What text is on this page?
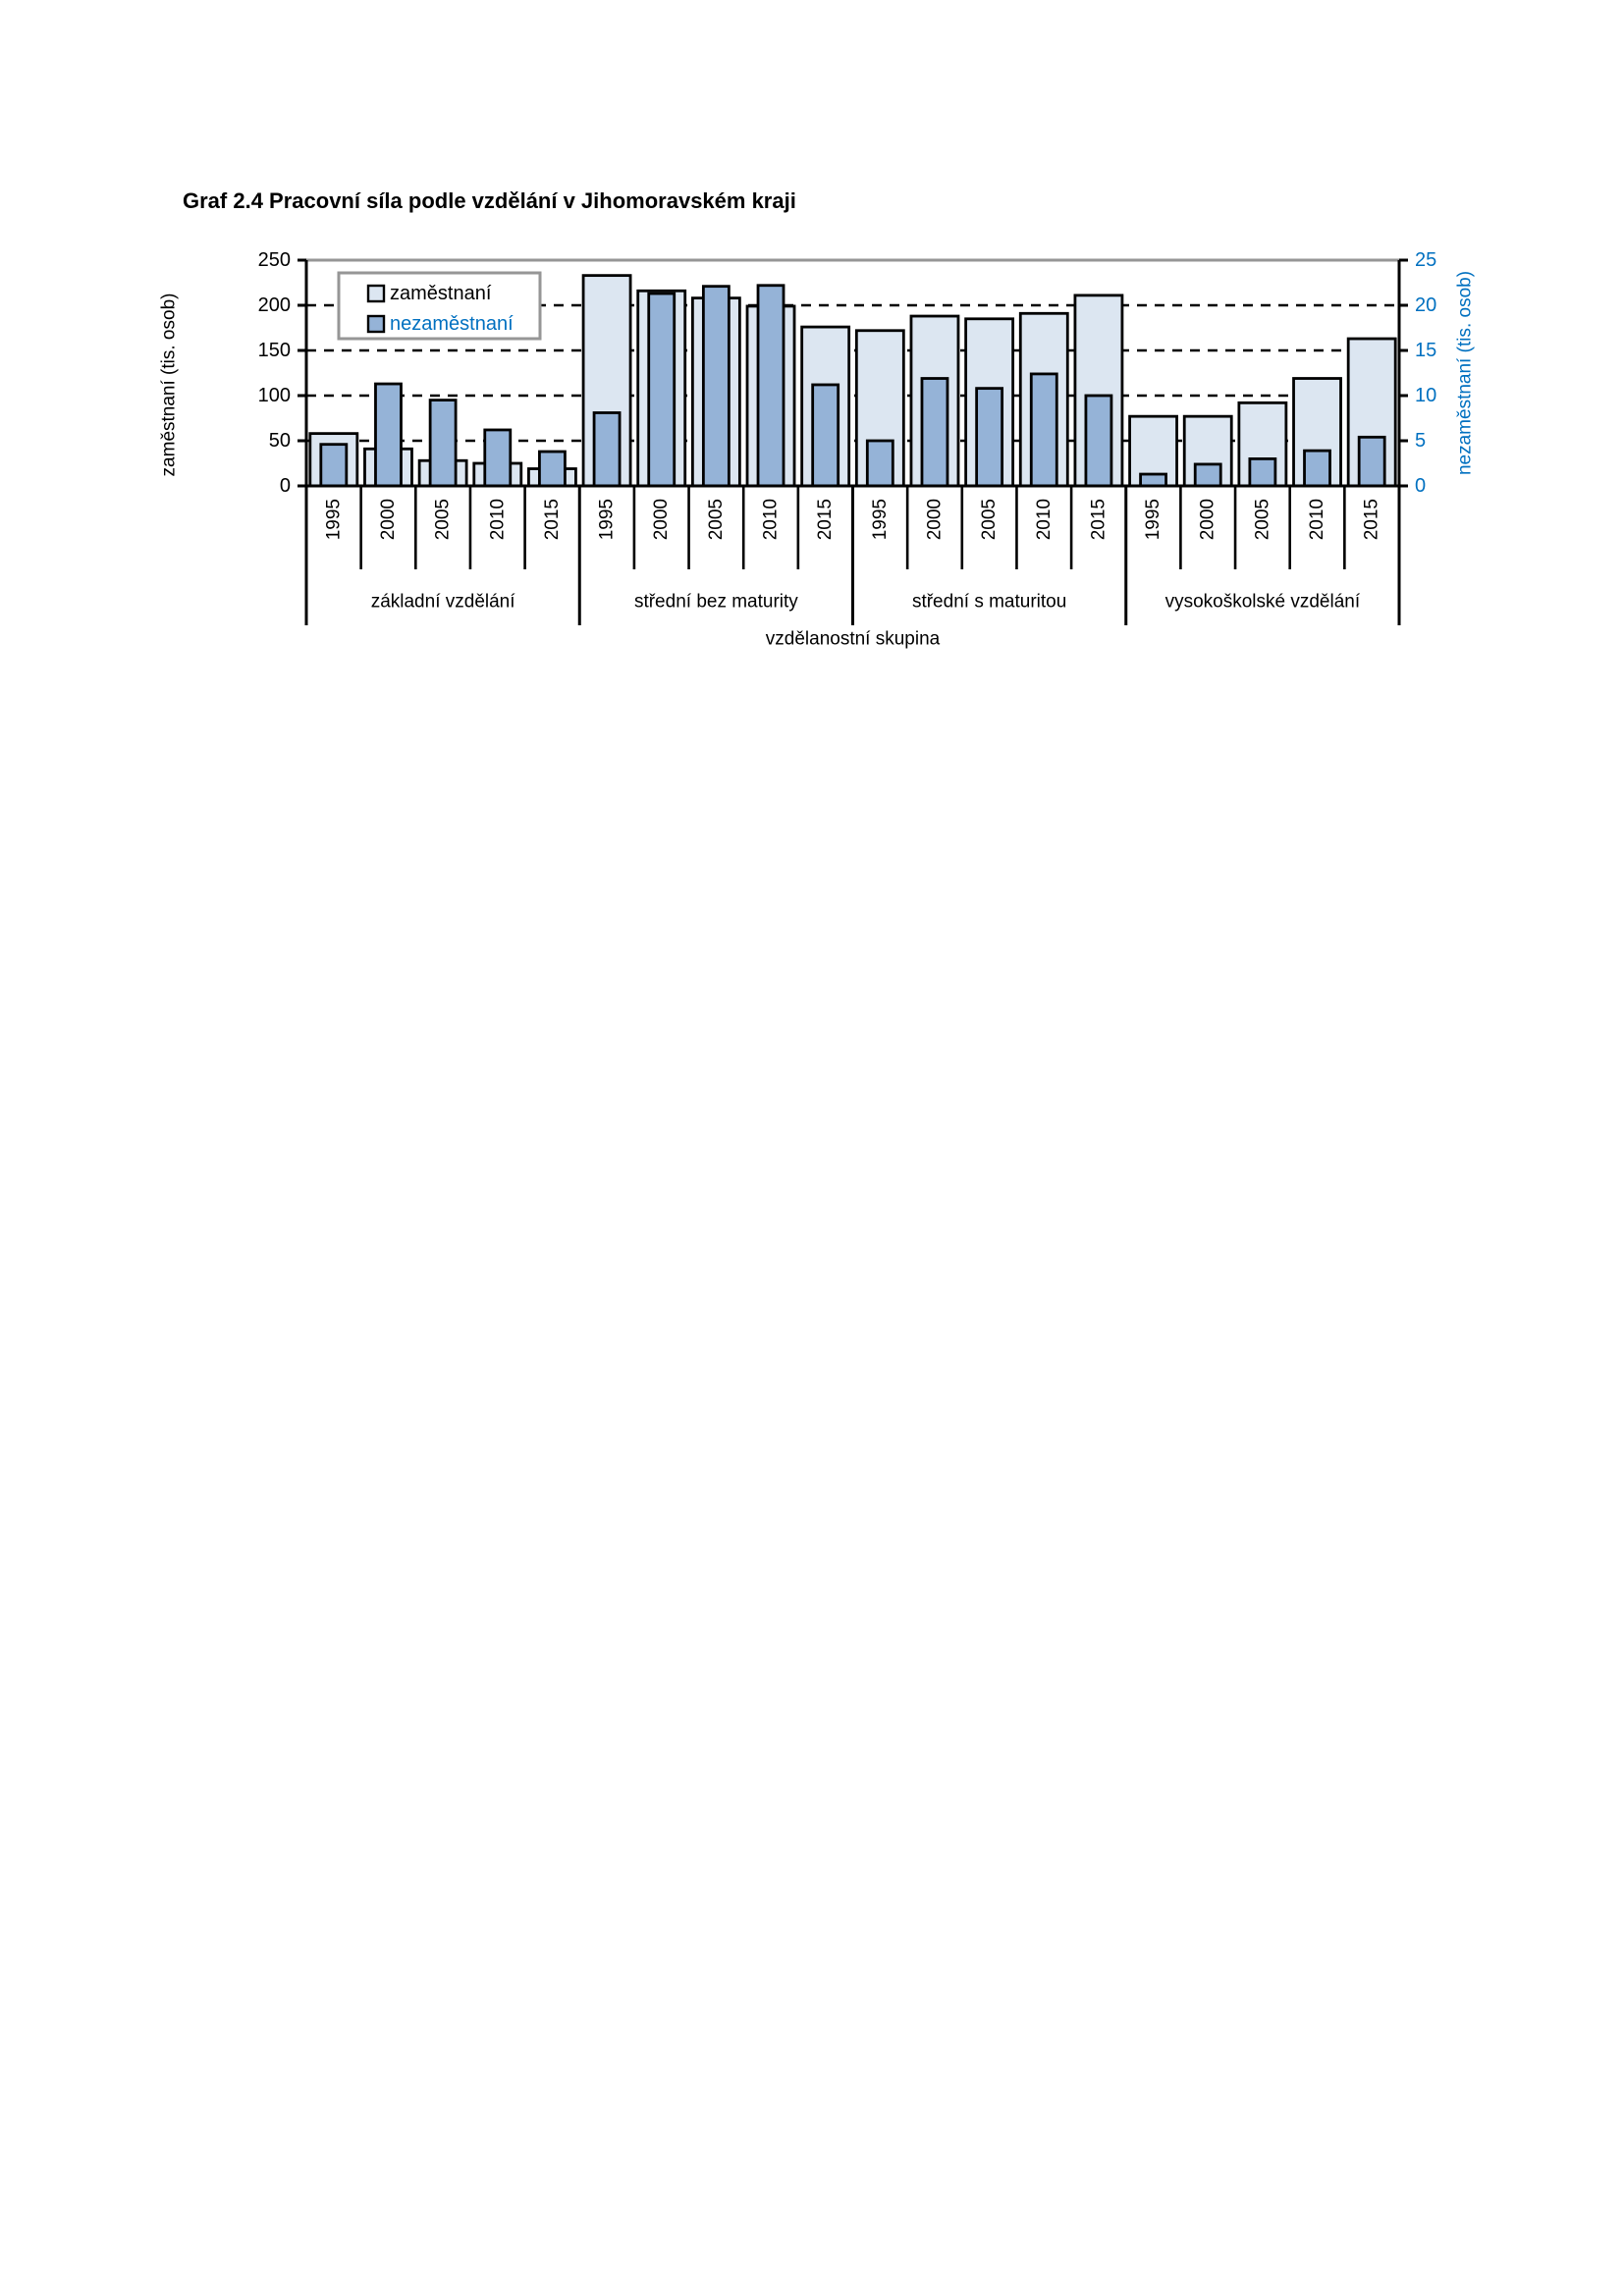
Graf 2.4 Pracovní síla podle vzdělání v Jihomoravském kraji
0
50
100
150
200
250
0
5
10
15
20
25
1995 2000 2005 2010 2015 1995 2000 2005 2010 2015 1995 2000 2005 2010 2015 1995 2000 2005 2010 2015
základní vzdělání	střední bez maturity	střední s maturitou	vysokoškolské vzdělání
vzdělanostní skupina
zaměstnaní (tis. osob)	nezaměstnaní (tis. osob)
zaměstnaní
nezaměstnaní
